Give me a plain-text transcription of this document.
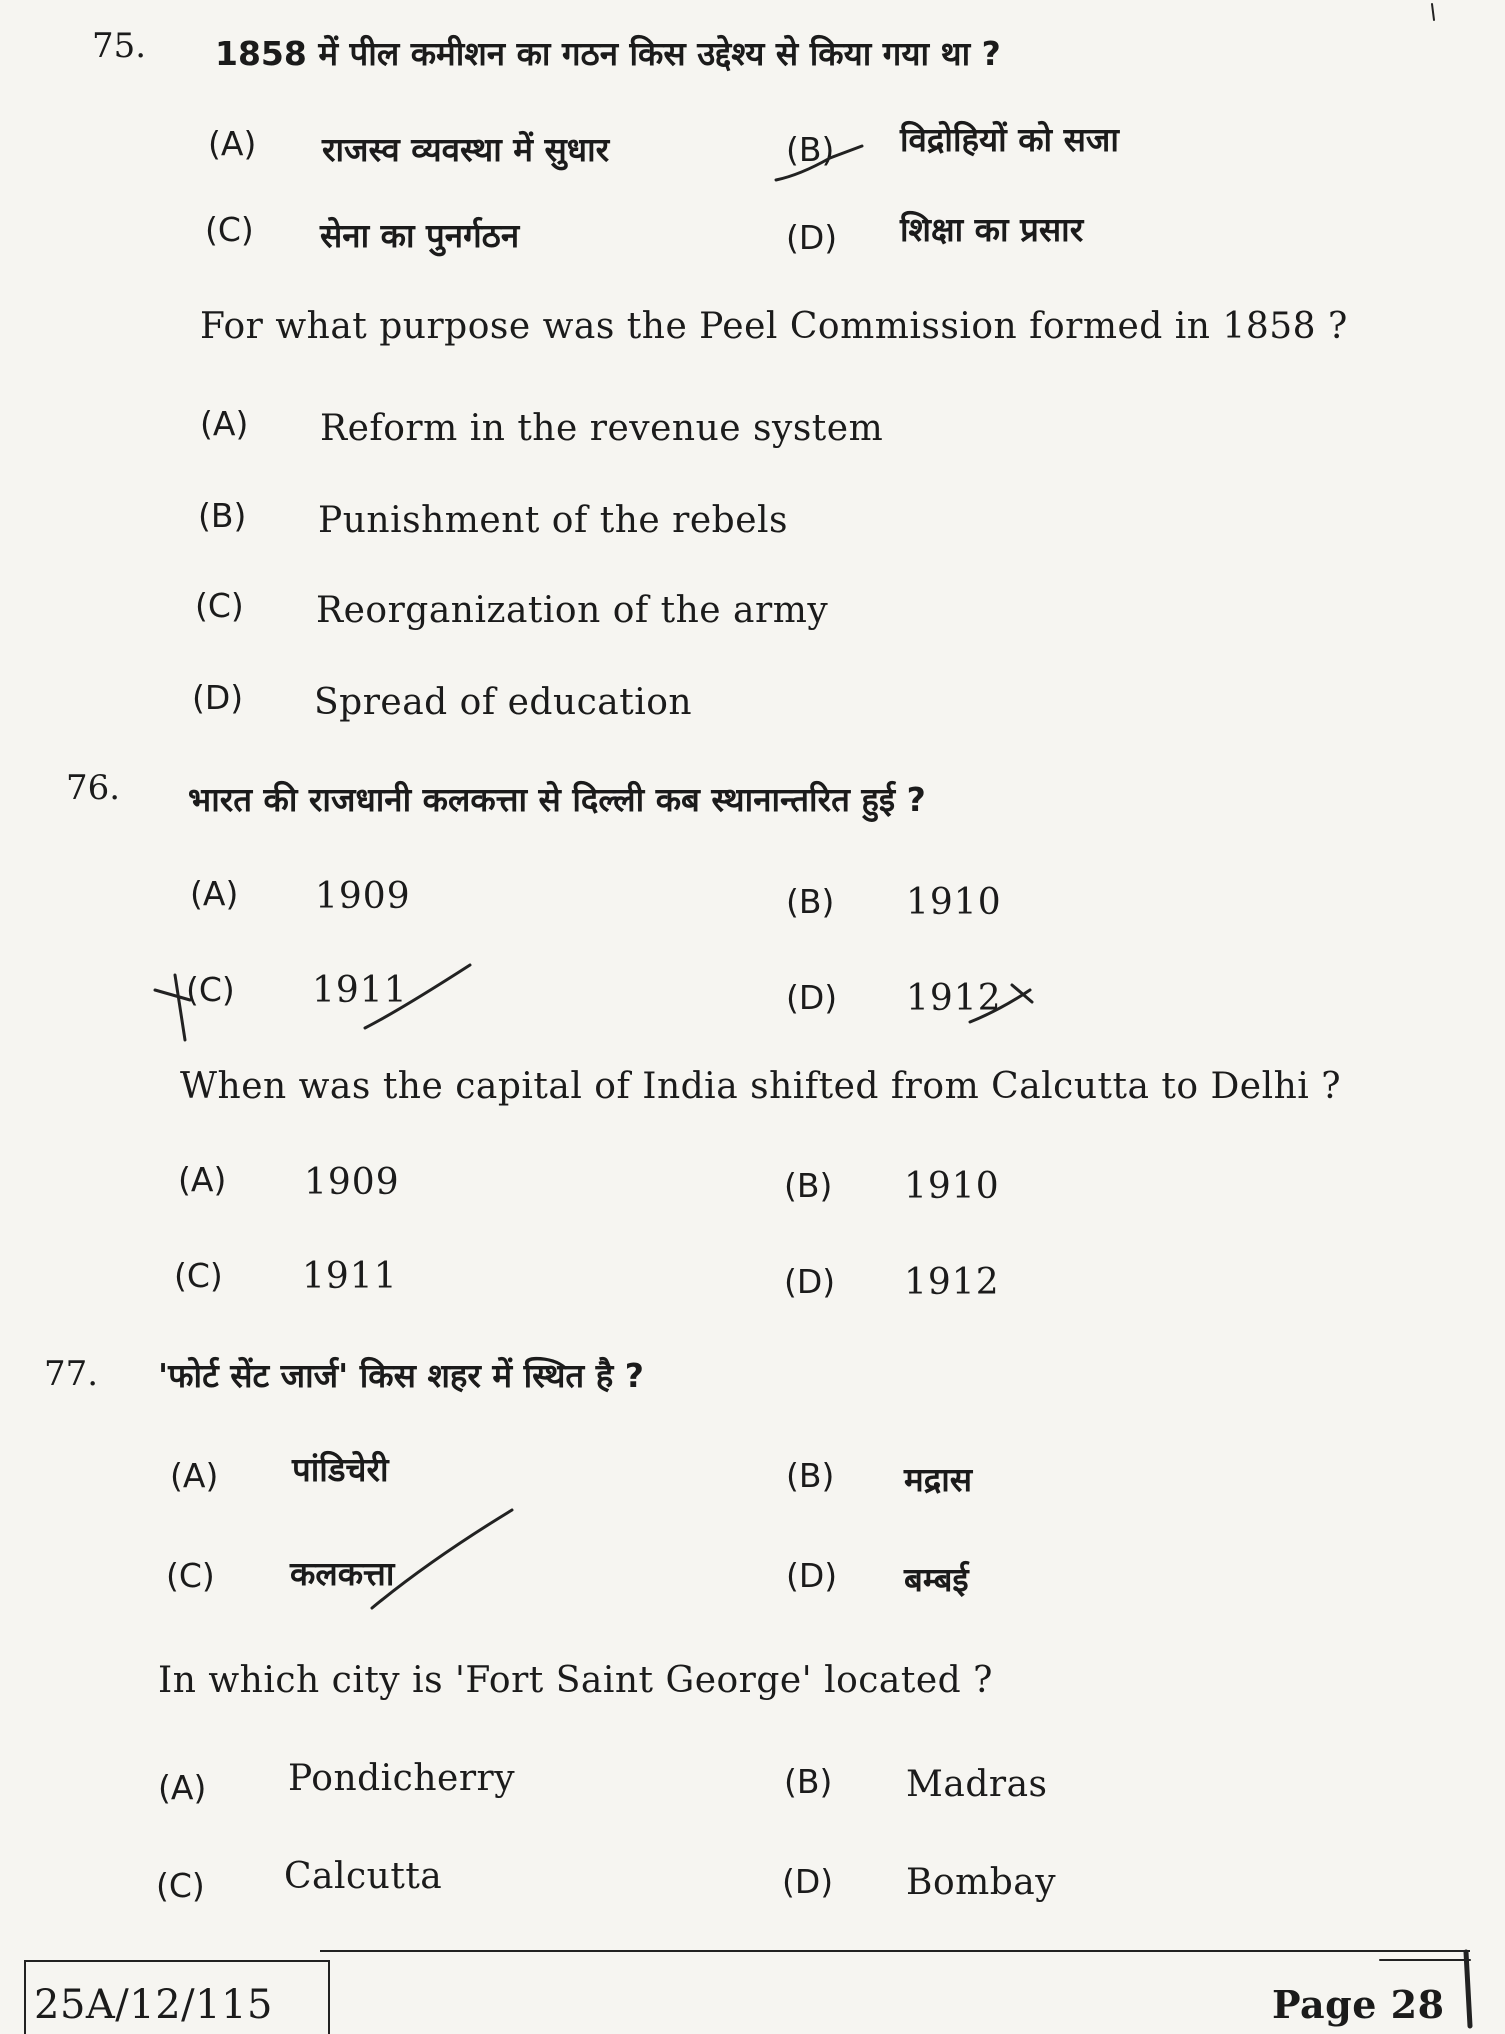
75. 1858 में पील कमीशन का गठन किस उद्देश्य से किया गया था ?
(A) राजस्व व्यवस्था में सुधार	(B) विद्रोहियों को सजा
(C) सेना का पुनर्गठन	(D) शिक्षा का प्रसार
For what purpose was the Peel Commission formed in 1858 ?
(A) Reform in the revenue system
(B) Punishment of the rebels
(C) Reorganization of the army
(D) Spread of education
76. भारत की राजधानी कलकत्ता से दिल्ली कब स्थानान्तरित हुई ?
(A) 1909	(B) 1910
(C) 1911	(D) 1912
When was the capital of India shifted from Calcutta to Delhi ?
(A) 1909	(B) 1910
(C) 1911	(D) 1912
77. 'फोर्ट सेंट जार्ज' किस शहर में स्थित है ?
(A) पांडिचेरी	(B) मद्रास
(C) कलकत्ता	(D) बम्बई
In which city is 'Fort Saint George' located ?
(A) Pondicherry	(B) Madras
(C) Calcutta	(D) Bombay
25A/12/115	Page 28
